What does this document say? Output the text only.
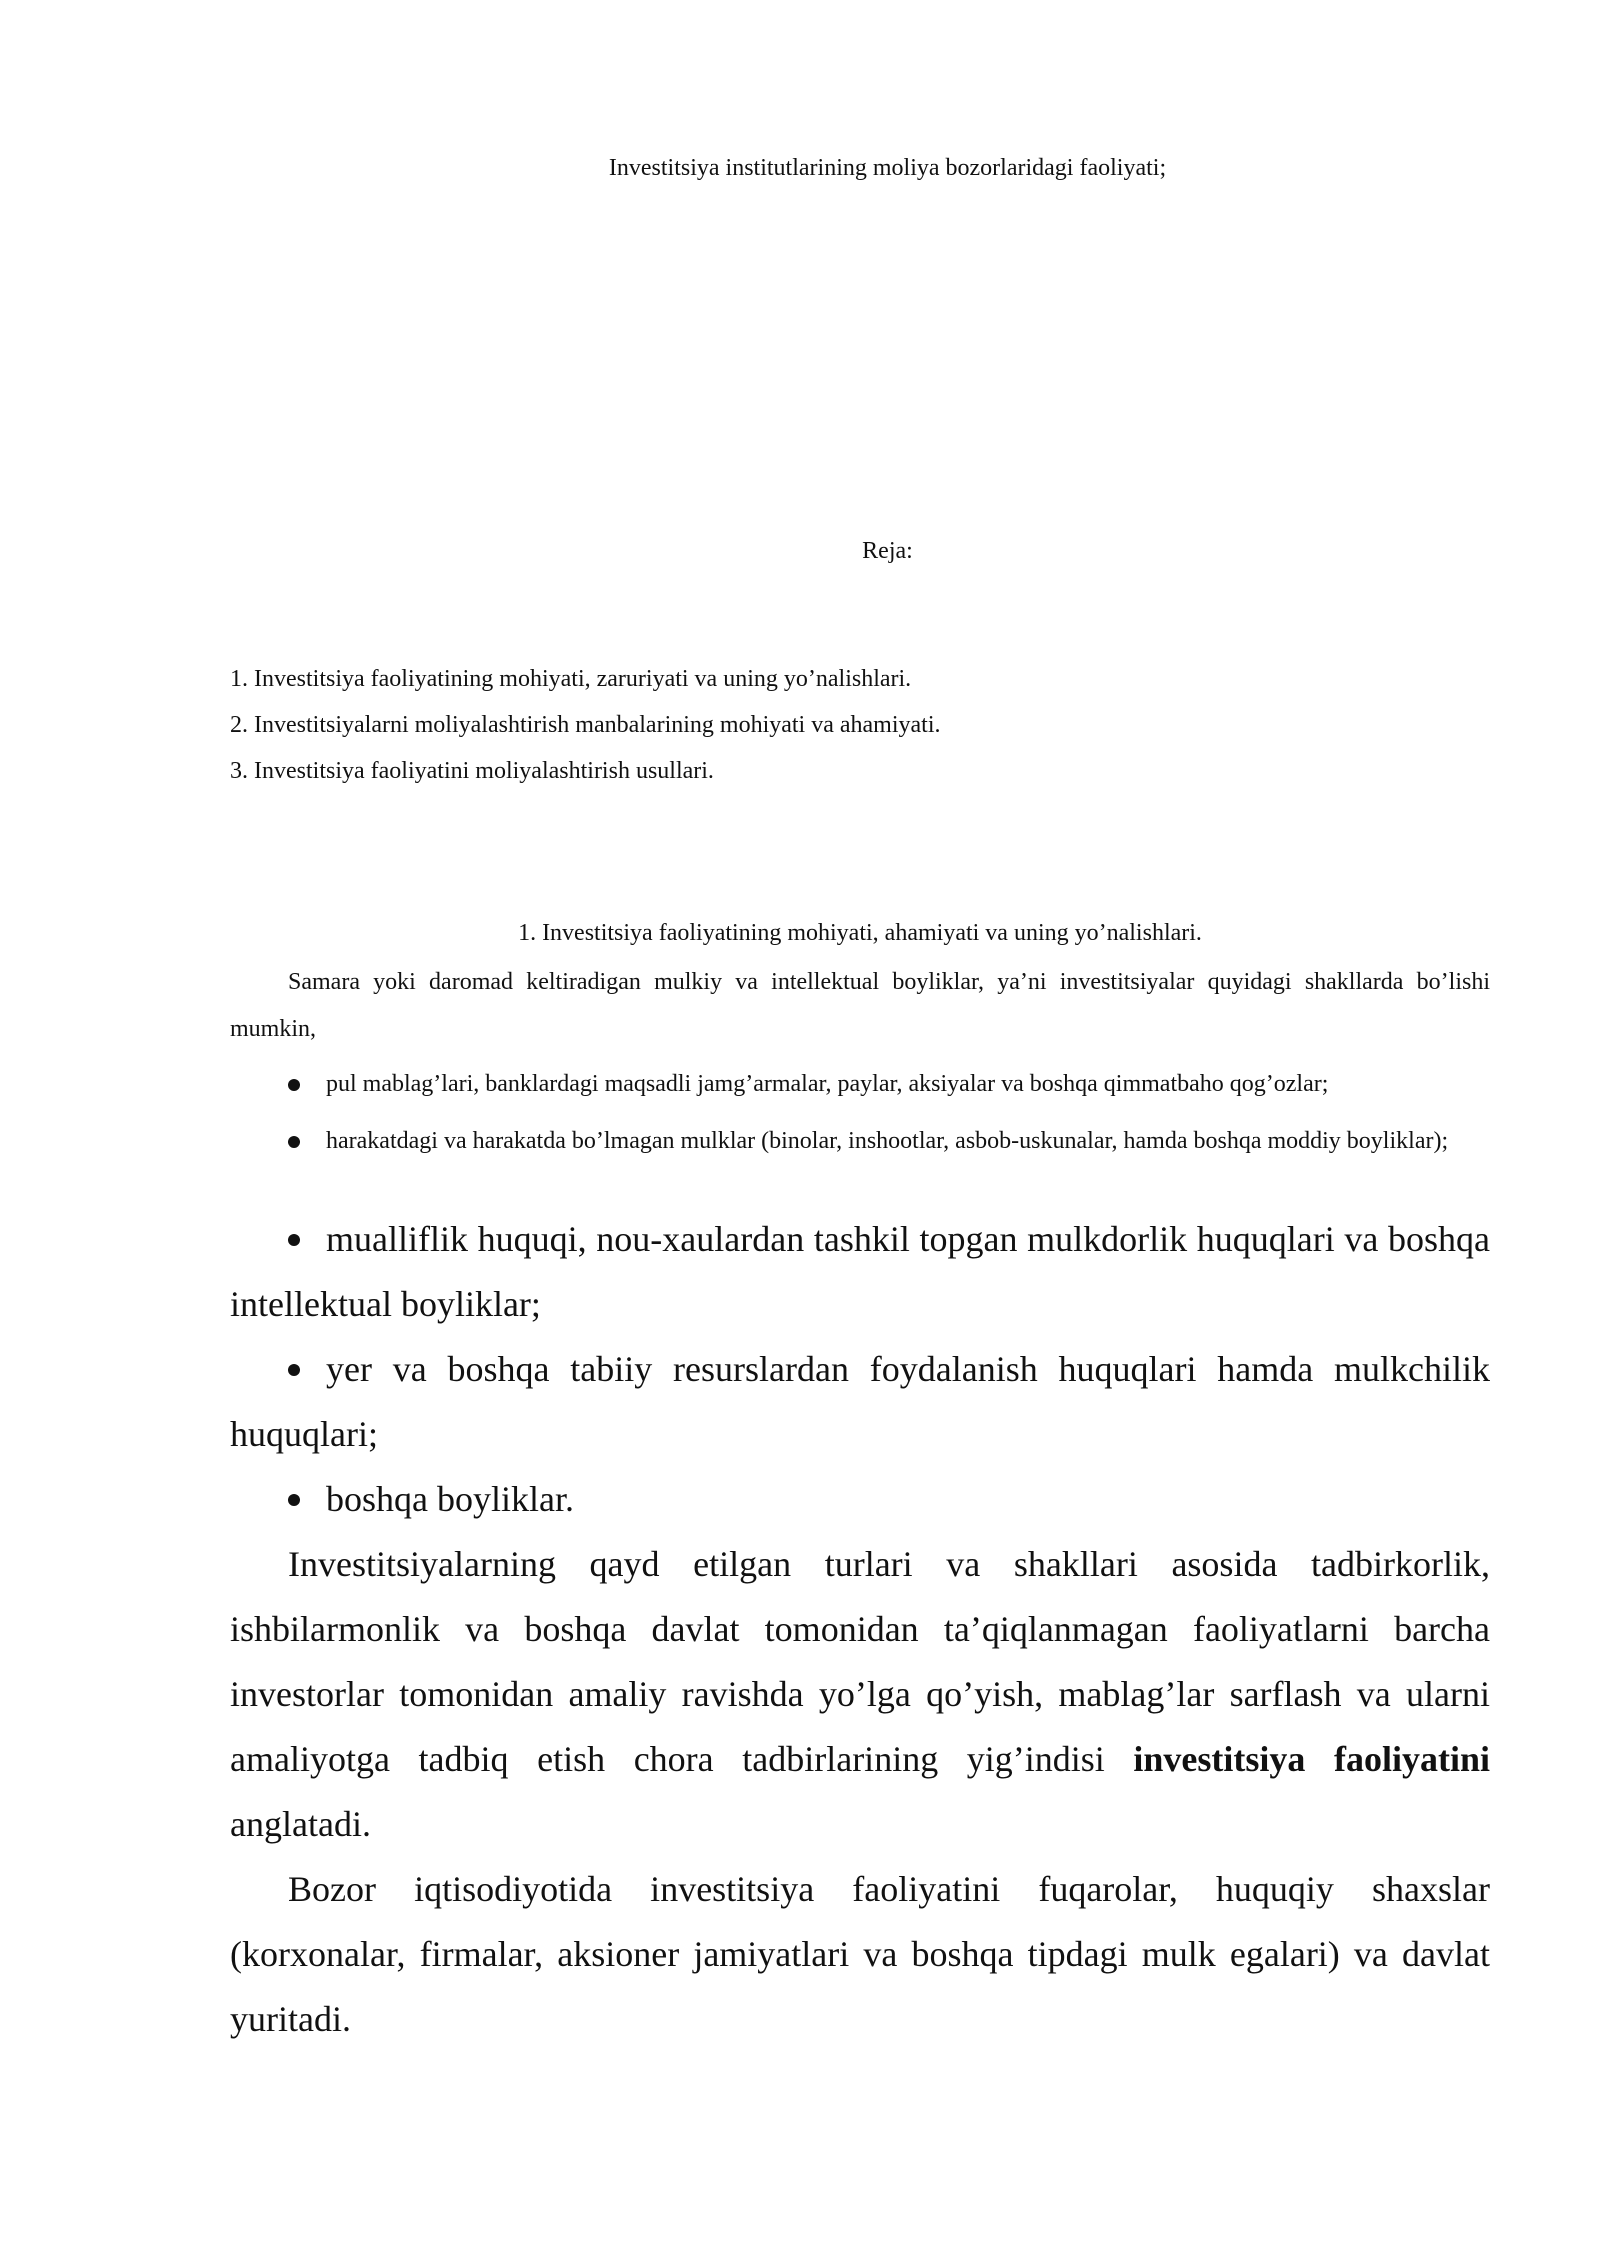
Investitsiya institutlarining moliya bozorlaridagi faoliyati;

Reja:

1. Investitsiya faoliyatining mohiyati, zaruriyati va uning yo’nalishlari.
2. Investitsiyalarni moliyalashtirish manbalarining mohiyati va ahamiyati.
3. Investitsiya faoliyatini moliyalashtirish usullari.

1. Investitsiya faoliyatining mohiyati, ahamiyati va uning yo’nalishlari.

Samara yoki daromad keltiradigan mulkiy va intellektual boyliklar, ya’ni investitsiyalar quyidagi shakllarda bo’lishi mumkin,

pul mablag’lari, banklardagi maqsadli jamg’armalar, paylar, aksiyalar va boshqa qimmatbaho qog’ozlar;
harakatdagi va harakatda bo’lmagan mulklar (binolar, inshootlar, asbob-uskunalar, hamda boshqa moddiy boyliklar);
mualliflik huquqi, nou-xaulardan tashkil topgan mulkdorlik huquqlari va boshqa intellektual boyliklar;
yer va boshqa tabiiy resurslardan foydalanish huquqlari hamda mulkchilik huquqlari;
boshqa boyliklar.

Investitsiyalarning qayd etilgan turlari va shakllari asosida tadbirkorlik, ishbilarmonlik va boshqa davlat tomonidan ta’qiqlanmagan faoliyatlarni barcha investorlar tomonidan amaliy ravishda yo’lga qo’yish, mablag’lar sarflash va ularni amaliyotga tadbiq etish chora tadbirlarining yig’indisi investitsiya faoliyatini anglatadi.

Bozor iqtisodiyotida investitsiya faoliyatini fuqarolar, huquqiy shaxslar (korxonalar, firmalar, aksioner jamiyatlari va boshqa tipdagi mulk egalari) va davlat yuritadi.
